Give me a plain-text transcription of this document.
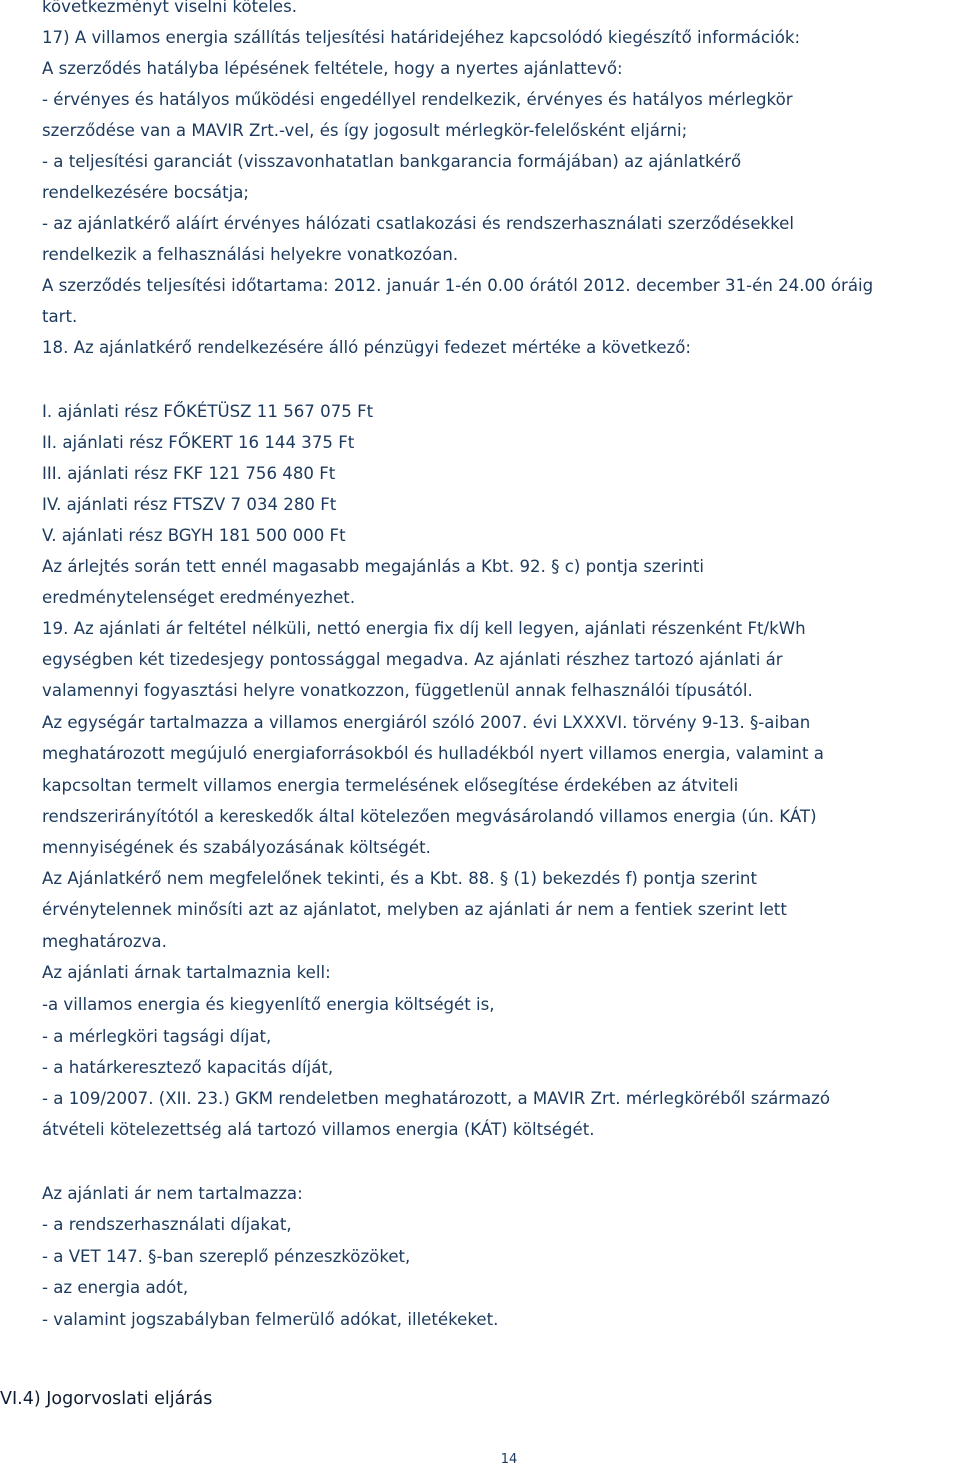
következményt viselni köteles.
17) A villamos energia szállítás teljesítési határidejéhez kapcsolódó kiegészítő információk:
A szerződés hatályba lépésének feltétele, hogy a nyertes ajánlattevő:
- érvényes és hatályos működési engedéllyel rendelkezik, érvényes és hatályos mérlegkör
szerződése van a MAVIR Zrt.-vel, és így jogosult mérlegkör-felelősként eljárni;
- a teljesítési garanciát (visszavonhatatlan bankgarancia formájában) az ajánlatkérő
rendelkezésére bocsátja;
- az ajánlatkérő aláírt érvényes hálózati csatlakozási és rendszerhasználati szerződésekkel
rendelkezik a felhasználási helyekre vonatkozóan.
A szerződés teljesítési időtartama: 2012. január 1-én 0.00 órától 2012. december 31-én 24.00 óráig
tart.
18. Az ajánlatkérő rendelkezésére álló pénzügyi fedezet mértéke a következő:
I. ajánlati rész FŐKÉTÜSZ 11 567 075 Ft
II. ajánlati rész FŐKERT 16 144 375 Ft
III. ajánlati rész FKF 121 756 480 Ft
IV. ajánlati rész FTSZV 7 034 280 Ft
V. ajánlati rész BGYH 181 500 000 Ft
Az árlejtés során tett ennél magasabb megajánlás a Kbt. 92. § c) pontja szerinti
eredménytelenséget eredményezhet.
19. Az ajánlati ár feltétel nélküli, nettó energia fix díj kell legyen, ajánlati részenként Ft/kWh
egységben két tizedesjegy pontossággal megadva. Az ajánlati részhez tartozó ajánlati ár
valamennyi fogyasztási helyre vonatkozzon, függetlenül annak felhasználói típusától.
Az egységár tartalmazza a villamos energiáról szóló 2007. évi LXXXVI. törvény 9-13. §-aiban
meghatározott megújuló energiaforrásokból és hulladékból nyert villamos energia, valamint a
kapcsoltan termelt villamos energia termelésének elősegítése érdekében az átviteli
rendszerirányítótól a kereskedők által kötelezően megvásárolandó villamos energia (ún. KÁT)
mennyiségének és szabályozásának költségét.
Az Ajánlatkérő nem megfelelőnek tekinti, és a Kbt. 88. § (1) bekezdés f) pontja szerint
érvénytelennek minősíti azt az ajánlatot, melyben az ajánlati ár nem a fentiek szerint lett
meghatározva.
Az ajánlati árnak tartalmaznia kell:
-a villamos energia és kiegyenlítő energia költségét is,
- a mérlegköri tagsági díjat,
- a határkeresztező kapacitás díját,
- a 109/2007. (XII. 23.) GKM rendeletben meghatározott, a MAVIR Zrt. mérlegköréből származó
átvételi kötelezettség alá tartozó villamos energia (KÁT) költségét.
Az ajánlati ár nem tartalmazza:
- a rendszerhasználati díjakat,
- a VET 147. §-ban szereplő pénzeszközöket,
- az energia adót,
- valamint jogszabályban felmerülő adókat, illetékeket.
VI.4) Jogorvoslati eljárás
14
